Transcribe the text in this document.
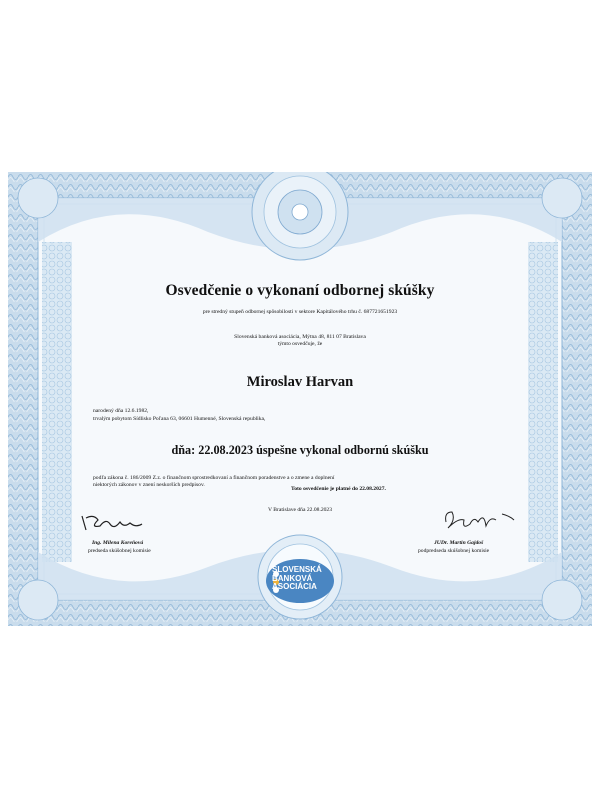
SLOVENSKÁ
BANKOVÁ
ASOCIÁCIA
Osvedčenie o vykonaní odbornej skúšky
pre stredný stupeň odbornej spôsobilosti v sektore Kapitálového trhu č. 687721651923
Slovenská banková asociácia, Mýtna 48, 811 07 Bratislava
týmto osvedčuje, že
Miroslav Harvan
narodený dňa 12.6.1982,
trvalým pobytom Sídlisko Poľana 63, 06601 Humenné, Slovenská republika,
dňa: 22.08.2023 úspešne vykonal odbornú skúšku
podľa zákona č. 186/2009 Z.z. o finančnom sprostredkovaní a finančnom poradenstve a o zmene a doplnení
niektorých zákonov v znení neskorších predpisov.
Toto osvedčenie je platné do 22.08.2027.
V Bratislave dňa 22.08.2023
Ing. Milena Koreňová
predseda skúšobnej komisie
JUDr. Martin Gajdoš
podpredseda skúšobnej komisie
